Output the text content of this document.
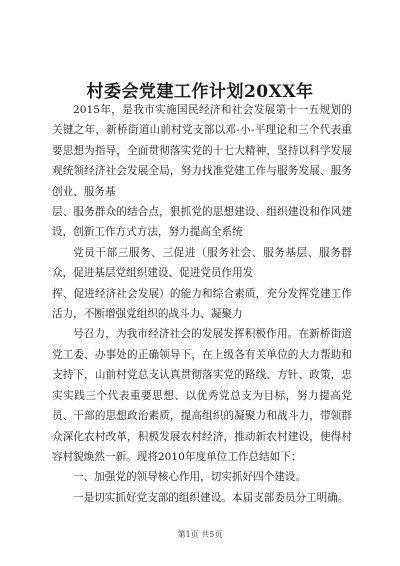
村委会党建工作计划20XX年

2015年，是我市实施国民经济和社会发展第十一五规划的关键之年，新桥街道山前村党支部以邓-小-平理论和三个代表重要思想为指导，全面贯彻落实党的十七大精神，坚持以科学发展观统领经济社会发展全局，努力找准党建工作与服务发展、服务创业、服务基

层、服务群众的结合点，狠抓党的思想建设、组织建设和作风建设，创新工作方式方法，努力提高全系统

党员干部三服务、三促进（服务社会、服务基层、服务群众，促进基层党组织建设、促进党员作用发

挥、促进经济社会发展）的能力和综合素质，充分发挥党建工作活力，不断增强党组织的战斗力、凝聚力

号召力，为我市经济社会的发展发挥积极作用。在新桥街道党工委、办事处的正确领导下，在上级各有关单位的大力帮助和支持下，山前村党总支认真贯彻落实党的路线、方针、政策，忠实实践三个代表重要思想、以优秀党总支为目标，努力提高党员、干部的思想政治素质，提高组织的凝聚力和战斗力，带领群众深化农村改革，积极发展农村经济，推动新农村建设，使得村容村貌焕然一新。现将2010年度单位工作总结如下：

一、加强党的领导核心作用，切实抓好四个建设。

一是切实抓好党支部的组织建设。本届支部委员分工明确。

第1页 共5页
